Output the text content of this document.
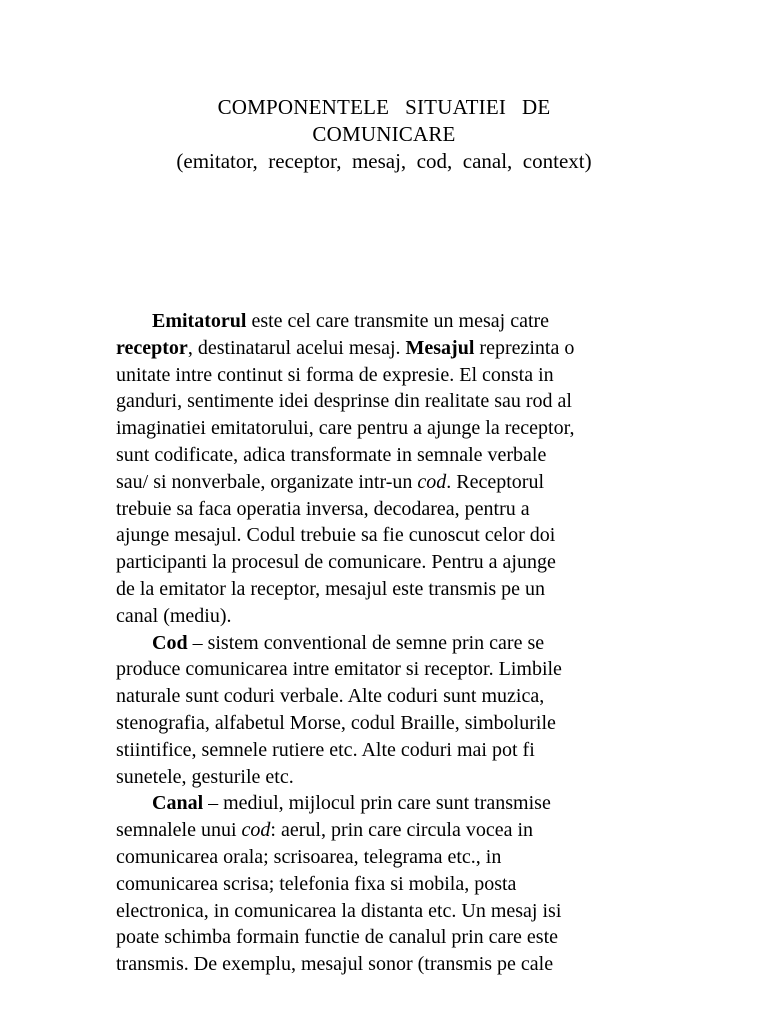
COMPONENTELE SITUATIEI DE
COMUNICARE
(emitator, receptor, mesaj, cod, canal, context)

Emitatorul este cel care transmite un mesaj catre
receptor, destinatarul acelui mesaj. Mesajul reprezinta o
unitate intre continut si forma de expresie. El consta in
ganduri, sentimente idei desprinse din realitate sau rod al
imaginatiei emitatorului, care pentru a ajunge la receptor,
sunt codificate, adica transformate in semnale verbale
sau/ si nonverbale, organizate intr-un cod. Receptorul
trebuie sa faca operatia inversa, decodarea, pentru a
ajunge mesajul. Codul trebuie sa fie cunoscut celor doi
participanti la procesul de comunicare. Pentru a ajunge
de la emitator la receptor, mesajul este transmis pe un
canal (mediu).

Cod – sistem conventional de semne prin care se
produce comunicarea intre emitator si receptor. Limbile
naturale sunt coduri verbale. Alte coduri sunt muzica,
stenografia, alfabetul Morse, codul Braille, simbolurile
stiintifice, semnele rutiere etc. Alte coduri mai pot fi
sunetele, gesturile etc.

Canal – mediul, mijlocul prin care sunt transmise
semnalele unui cod: aerul, prin care circula vocea in
comunicarea orala; scrisoarea, telegrama etc., in
comunicarea scrisa; telefonia fixa si mobila, posta
electronica, in comunicarea la distanta etc. Un mesaj isi
poate schimba formain functie de canalul prin care este
transmis. De exemplu, mesajul sonor (transmis pe cale
